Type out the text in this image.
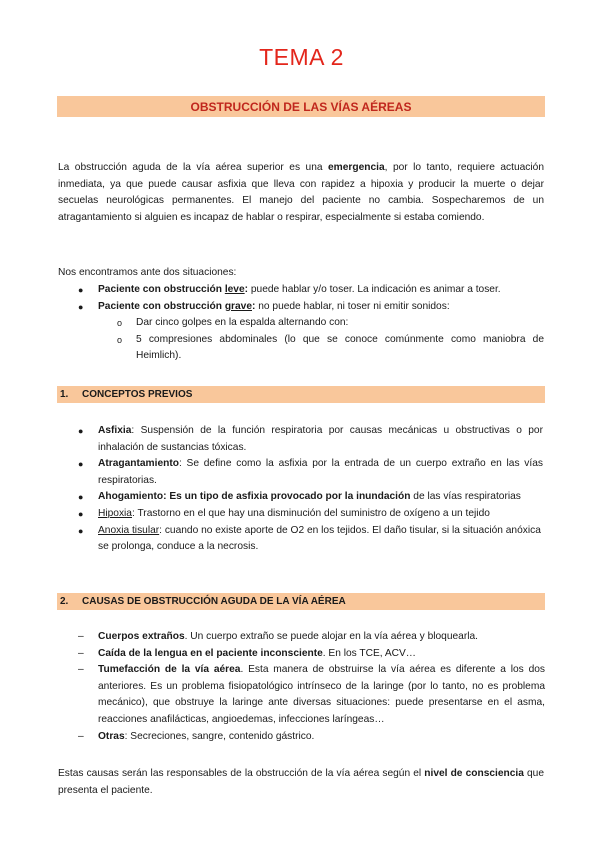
TEMA 2
OBSTRUCCIÓN DE LAS VÍAS AÉREAS
La obstrucción aguda de la vía aérea superior es una emergencia, por lo tanto, requiere actuación inmediata, ya que puede causar asfixia que lleva con rapidez a hipoxia y producir la muerte o dejar secuelas neurológicas permanentes. El manejo del paciente no cambia. Sospecharemos de un atragantamiento si alguien es incapaz de hablar o respirar, especialmente si estaba comiendo.
Nos encontramos ante dos situaciones:
● Paciente con obstrucción leve: puede hablar y/o toser. La indicación es animar a toser.
● Paciente con obstrucción grave: no puede hablar, ni toser ni emitir sonidos:
o Dar cinco golpes en la espalda alternando con:
o 5 compresiones abdominales (lo que se conoce comúnmente como maniobra de Heimlich).
1.	CONCEPTOS PREVIOS
● Asfixia: Suspensión de la función respiratoria por causas mecánicas u obstructivas o por inhalación de sustancias tóxicas.
● Atragantamiento: Se define como la asfixia por la entrada de un cuerpo extraño en las vías respiratorias.
● Ahogamiento: Es un tipo de asfixia provocado por la inundación de las vías respiratorias
● Hipoxia: Trastorno en el que hay una disminución del suministro de oxígeno a un tejido
● Anoxia tisular: cuando no existe aporte de O2 en los tejidos. El daño tisular, si la situación anóxica se prolonga, conduce a la necrosis.
2.	CAUSAS DE OBSTRUCCIÓN AGUDA DE LA VÍA AÉREA
– Cuerpos extraños. Un cuerpo extraño se puede alojar en la vía aérea y bloquearla.
– Caída de la lengua en el paciente inconsciente. En los TCE, ACV…
– Tumefacción de la vía aérea. Esta manera de obstruirse la vía aérea es diferente a los dos anteriores. Es un problema fisiopatológico intrínseco de la laringe (por lo tanto, no es problema mecánico), que obstruye la laringe ante diversas situaciones: puede presentarse en el asma, reacciones anafilácticas, angioedemas, infecciones laríngeas…
– Otras: Secreciones, sangre, contenido gástrico.
Estas causas serán las responsables de la obstrucción de la vía aérea según el nivel de consciencia que presenta el paciente.
